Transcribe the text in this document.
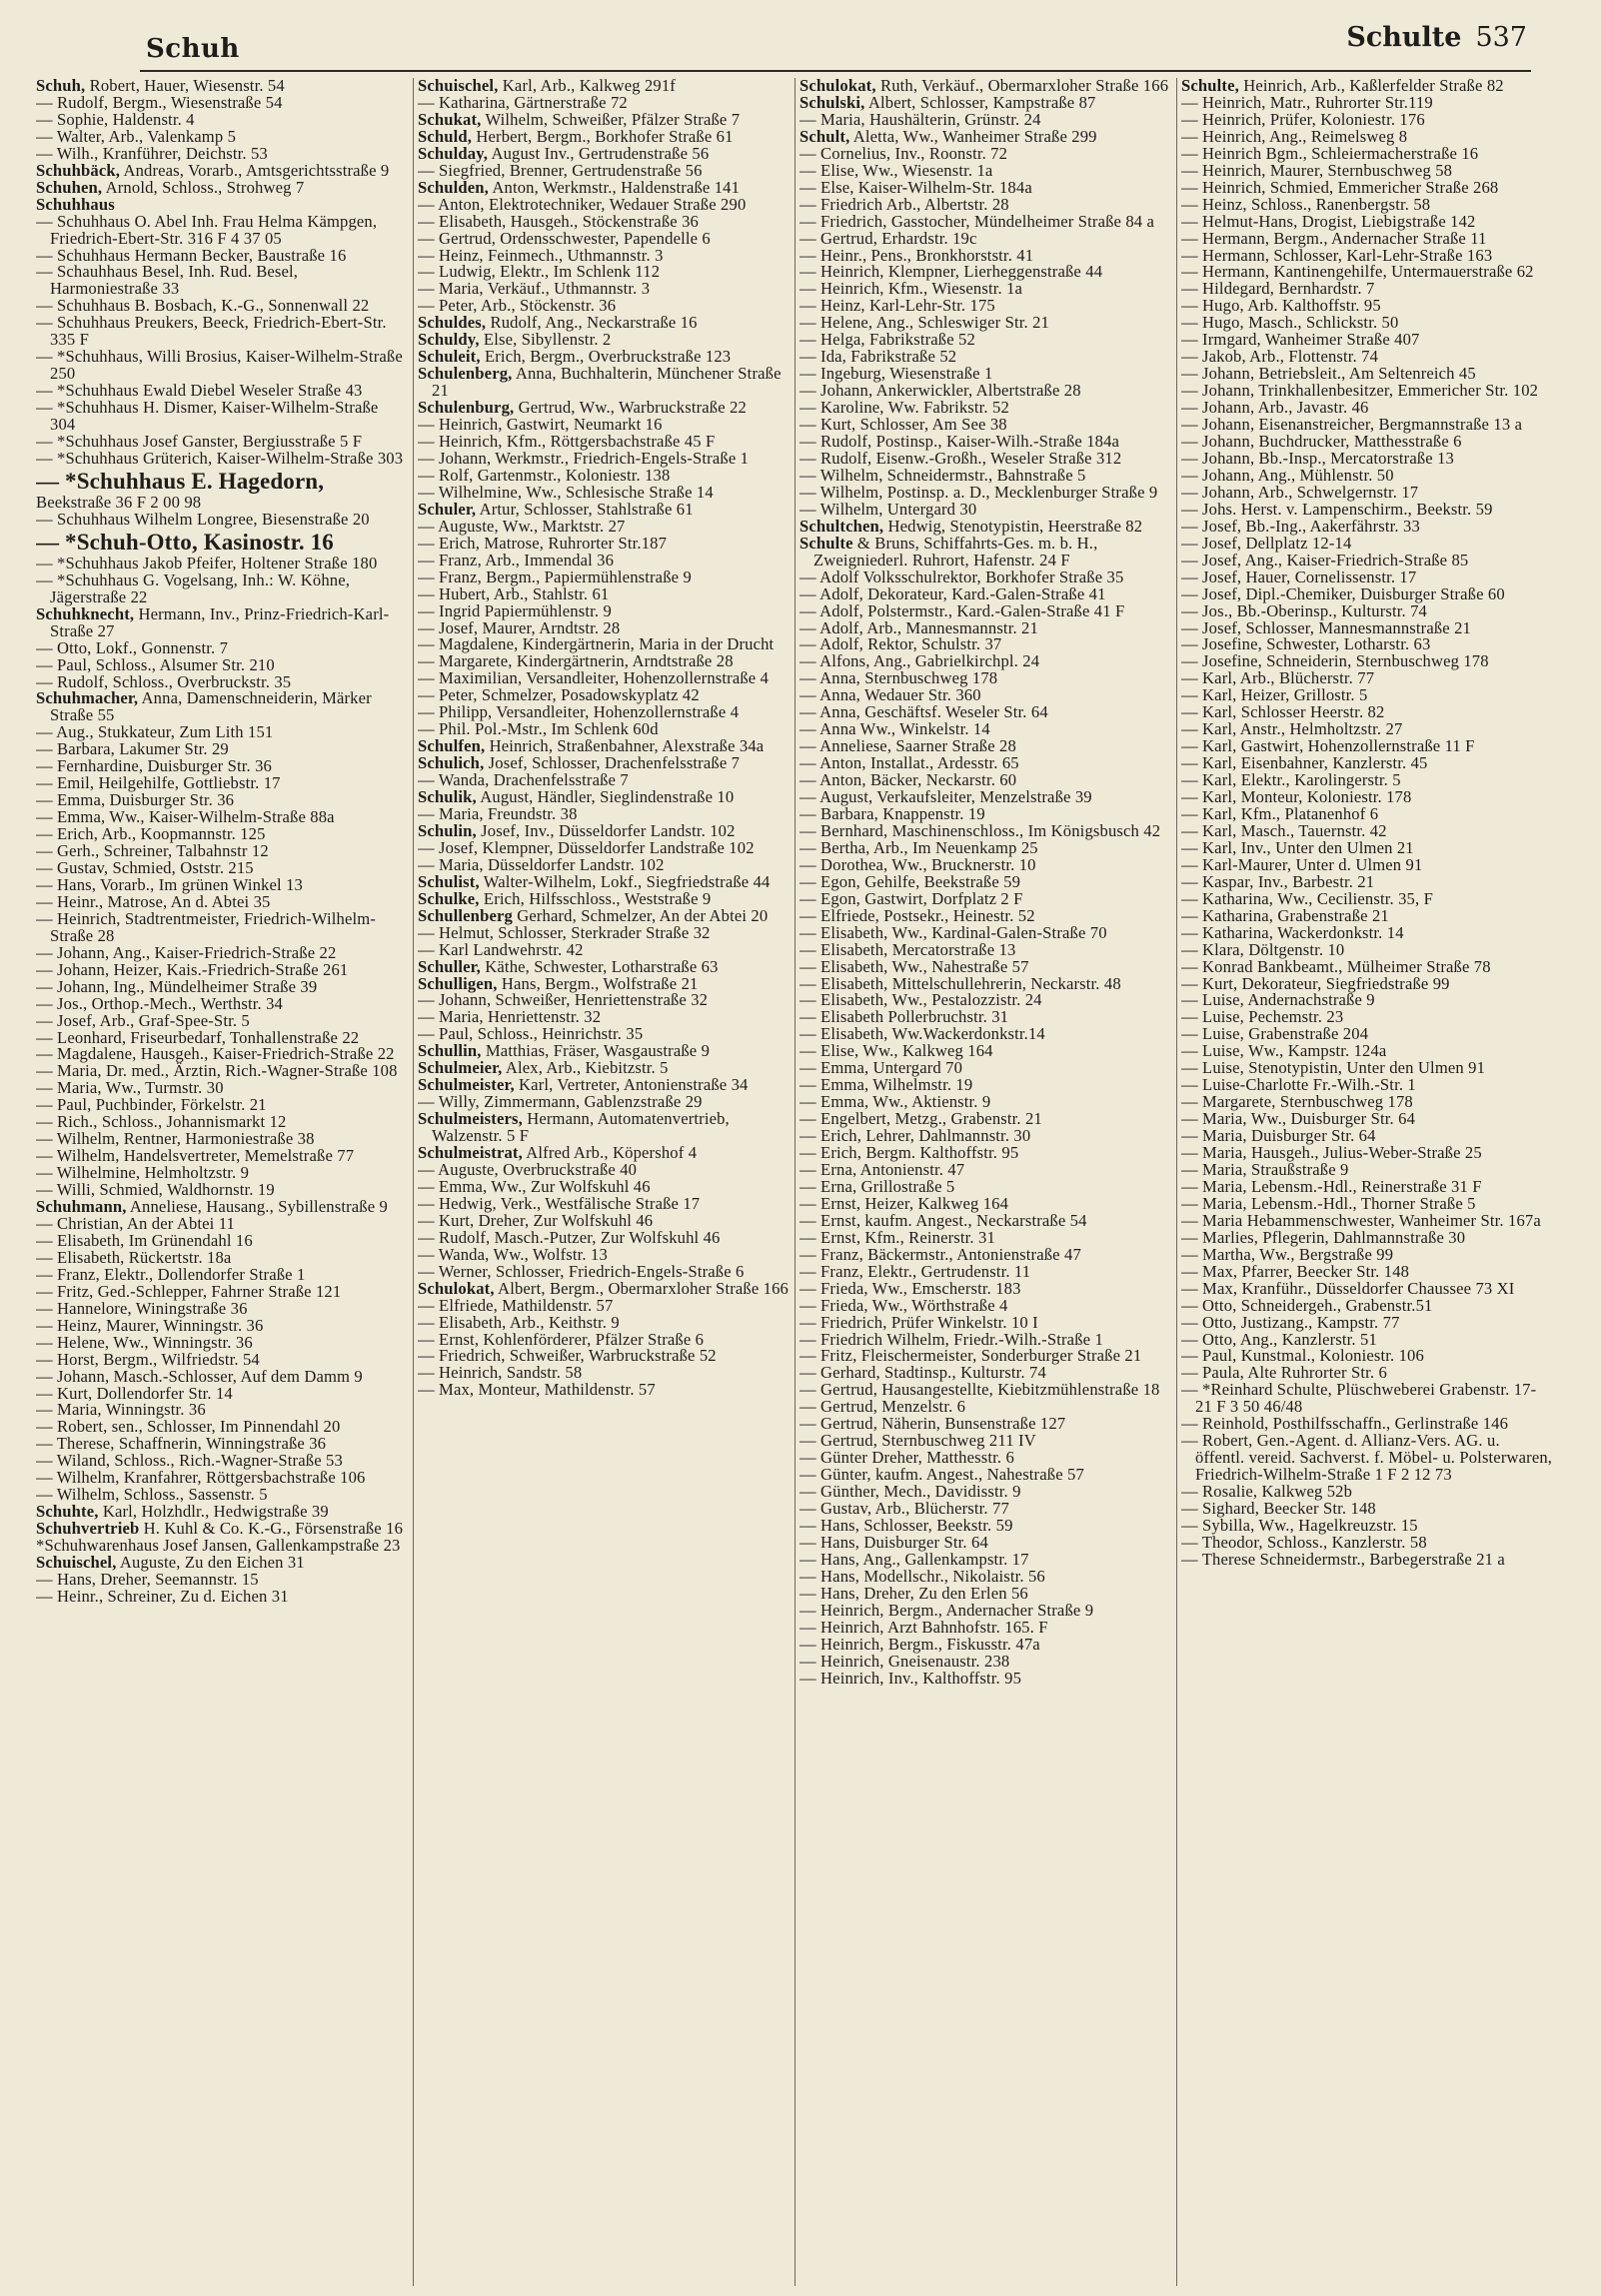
Schuh	Schulte 537

Schuh, Robert, Hauer, Wiesenstr. 54

— Rudolf, Bergm., Wiesenstraße 54

— Sophie, Haldenstr. 4

— Walter, Arb., Valenkamp 5

— Wilh., Kranführer, Deichstr. 53

Schuhbäck, Andreas, Vorarb., Amtsgerichtsstraße 9

Schuhen, Arnold, Schloss., Strohweg 7

Schuhhaus

— Schuhhaus O. Abel Inh. Frau Helma Kämpgen, Friedrich-Ebert-Str. 316 F 4 37 05

— Schuhhaus Hermann Becker, Baustraße 16

— Schauhhaus Besel, Inh. Rud. Besel, Harmoniestraße 33

— Schuhhaus B. Bosbach, K.-G., Sonnenwall 22

— Schuhhaus Preukers, Beeck, Friedrich-Ebert-Str. 335 F

— *Schuhhaus, Willi Brosius, Kaiser-Wilhelm-Straße 250

— *Schuhhaus Ewald Diebel Weseler Straße 43

— *Schuhhaus H. Dismer, Kaiser-Wilhelm-Straße 304

— *Schuhhaus Josef Ganster, Bergiusstraße 5 F

— *Schuhhaus Grüterich, Kaiser-Wilhelm-Straße 303

— *Schuhhaus E. Hagedorn,

Beekstraße 36 F 2 00 98

— Schuhhaus Wilhelm Longree, Biesenstraße 20

— *Schuh-Otto, Kasinostr. 16

— *Schuhhaus Jakob Pfeifer, Holtener Straße 180

— *Schuhhaus G. Vogelsang, Inh.: W. Köhne, Jägerstraße 22

Schuhknecht, Hermann, Inv., Prinz-Friedrich-Karl-Straße 27

— Otto, Lokf., Gonnenstr. 7

— Paul, Schloss., Alsumer Str. 210

— Rudolf, Schloss., Overbruckstr. 35

Schuhmacher, Anna, Damenschneiderin, Märker Straße 55

— Aug., Stukkateur, Zum Lith 151

— Barbara, Lakumer Str. 29

— Fernhardine, Duisburger Str. 36

— Emil, Heilgehilfe, Gottliebstr. 17

— Emma, Duisburger Str. 36

— Emma, Ww., Kaiser-Wilhelm-Straße 88a

— Erich, Arb., Koopmannstr. 125

— Gerh., Schreiner, Talbahnstr 12

— Gustav, Schmied, Oststr. 215

— Hans, Vorarb., Im grünen Winkel 13

— Heinr., Matrose, An d. Abtei 35

— Heinrich, Stadtrentmeister, Friedrich-Wilhelm-Straße 28

— Johann, Ang., Kaiser-Friedrich-Straße 22

— Johann, Heizer, Kais.-Friedrich-Straße 261

— Johann, Ing., Mündelheimer Straße 39

— Jos., Orthop.-Mech., Werthstr. 34

— Josef, Arb., Graf-Spee-Str. 5

— Leonhard, Friseurbedarf, Tonhallenstraße 22

— Magdalene, Hausgeh., Kaiser-Friedrich-Straße 22

— Maria, Dr. med., Ärztin, Rich.-Wagner-Straße 108

— Maria, Ww., Turmstr. 30

— Paul, Puchbinder, Förkelstr. 21

— Rich., Schloss., Johannismarkt 12

— Wilhelm, Rentner, Harmoniestraße 38

— Wilhelm, Handelsvertreter, Memelstraße 77

— Wilhelmine, Helmholtzstr. 9

— Willi, Schmied, Waldhornstr. 19

Schuhmann, Anneliese, Hausang., Sybillenstraße 9

— Christian, An der Abtei 11

— Elisabeth, Im Grünendahl 16

— Elisabeth, Rückertstr. 18a

— Franz, Elektr., Dollendorfer Straße 1

— Fritz, Ged.-Schlepper, Fahrner Straße 121

— Hannelore, Winingstraße 36

— Heinz, Maurer, Winningstr. 36

— Helene, Ww., Winningstr. 36

— Horst, Bergm., Wilfriedstr. 54

— Johann, Masch.-Schlosser, Auf dem Damm 9

— Kurt, Dollendorfer Str. 14

— Maria, Winningstr. 36

— Robert, sen., Schlosser, Im Pinnendahl 20

— Therese, Schaffnerin, Winningstraße 36

— Wiland, Schloss., Rich.-Wagner-Straße 53

— Wilhelm, Kranfahrer, Röttgersbachstraße 106

— Wilhelm, Schloss., Sassenstr. 5

Schuhte, Karl, Holzhdlr., Hedwigstraße 39

Schuhvertrieb H. Kuhl & Co. K.-G., Försenstraße 16

*Schuhwarenhaus Josef Jansen, Gallenkampstraße 23

Schuischel, Auguste, Zu den Eichen 31

— Hans, Dreher, Seemannstr. 15

— Heinr., Schreiner, Zu d. Eichen 31

Schuischel, Karl, Arb., Kalkweg 291f

— Katharina, Gärtnerstraße 72

Schukat, Wilhelm, Schweißer, Pfälzer Straße 7

Schuld, Herbert, Bergm., Borkhofer Straße 61

Schulday, August Inv., Gertrudenstraße 56

— Siegfried, Brenner, Gertrudenstraße 56

Schulden, Anton, Werkmstr., Haldenstraße 141

— Anton, Elektrotechniker, Wedauer Straße 290

— Elisabeth, Hausgeh., Stöckenstraße 36

— Gertrud, Ordensschwester, Papendelle 6

— Heinz, Feinmech., Uthmannstr. 3

— Ludwig, Elektr., Im Schlenk 112

— Maria, Verkäuf., Uthmannstr. 3

— Peter, Arb., Stöckenstr. 36

Schuldes, Rudolf, Ang., Neckarstraße 16

Schuldy, Else, Sibyllenstr. 2

Schuleit, Erich, Bergm., Overbruckstraße 123

Schulenberg, Anna, Buchhalterin, Münchener Straße 21

Schulenburg, Gertrud, Ww., Warbruckstraße 22

— Heinrich, Gastwirt, Neumarkt 16

— Heinrich, Kfm., Röttgersbachstraße 45 F

— Johann, Werkmstr., Friedrich-Engels-Straße 1

— Rolf, Gartenmstr., Koloniestr. 138

— Wilhelmine, Ww., Schlesische Straße 14

Schuler, Artur, Schlosser, Stahlstraße 61

— Auguste, Ww., Marktstr. 27

— Erich, Matrose, Ruhrorter Str.187

— Franz, Arb., Immendal 36

— Franz, Bergm., Papiermühlenstraße 9

— Hubert, Arb., Stahlstr. 61

— Ingrid Papiermühlenstr. 9

— Josef, Maurer, Arndtstr. 28

— Magdalene, Kindergärtnerin, Maria in der Drucht

— Margarete, Kindergärtnerin, Arndtstraße 28

— Maximilian, Versandleiter, Hohenzollernstraße 4

— Peter, Schmelzer, Posadowskyplatz 42

— Philipp, Versandleiter, Hohenzollernstraße 4

— Phil. Pol.-Mstr., Im Schlenk 60d

Schulfen, Heinrich, Straßenbahner, Alexstraße 34a

Schulich, Josef, Schlosser, Drachenfelsstraße 7

— Wanda, Drachenfelsstraße 7

Schulik, August, Händler, Sieglindenstraße 10

— Maria, Freundstr. 38

Schulin, Josef, Inv., Düsseldorfer Landstr. 102

— Josef, Klempner, Düsseldorfer Landstraße 102

— Maria, Düsseldorfer Landstr. 102

Schulist, Walter-Wilhelm, Lokf., Siegfriedstraße 44

Schulke, Erich, Hilfsschloss., Weststraße 9

Schullenberg Gerhard, Schmelzer, An der Abtei 20

— Helmut, Schlosser, Sterkrader Straße 32

— Karl Landwehrstr. 42

Schuller, Käthe, Schwester, Lotharstraße 63

Schulligen, Hans, Bergm., Wolfstraße 21

— Johann, Schweißer, Henriettenstraße 32

— Maria, Henriettenstr. 32

— Paul, Schloss., Heinrichstr. 35

Schullin, Matthias, Fräser, Wasgaustraße 9

Schulmeier, Alex, Arb., Kiebitzstr. 5

Schulmeister, Karl, Vertreter, Antonienstraße 34

— Willy, Zimmermann, Gablenzstraße 29

Schulmeisters, Hermann, Automatenvertrieb, Walzenstr. 5 F

Schulmeistrat, Alfred Arb., Köpershof 4

— Auguste, Overbruckstraße 40

— Emma, Ww., Zur Wolfskuhl 46

— Hedwig, Verk., Westfälische Straße 17

— Kurt, Dreher, Zur Wolfskuhl 46

— Rudolf, Masch.-Putzer, Zur Wolfskuhl 46

— Wanda, Ww., Wolfstr. 13

— Werner, Schlosser, Friedrich-Engels-Straße 6

Schulokat, Albert, Bergm., Obermarxloher Straße 166

— Elfriede, Mathildenstr. 57

— Elisabeth, Arb., Keithstr. 9

— Ernst, Kohlenförderer, Pfälzer Straße 6

— Friedrich, Schweißer, Warbruckstraße 52

— Heinrich, Sandstr. 58

— Max, Monteur, Mathildenstr. 57

Schulokat, Ruth, Verkäuf., Obermarxloher Straße 166

Schulski, Albert, Schlosser, Kampstraße 87

— Maria, Haushälterin, Grünstr. 24

Schult, Aletta, Ww., Wanheimer Straße 299

— Cornelius, Inv., Roonstr. 72

— Elise, Ww., Wiesenstr. 1a

— Else, Kaiser-Wilhelm-Str. 184a

— Friedrich Arb., Albertstr. 28

— Friedrich, Gasstocher, Mündelheimer Straße 84 a

— Gertrud, Erhardstr. 19c

— Heinr., Pens., Bronkhorststr. 41

— Heinrich, Klempner, Lierheggenstraße 44

— Heinrich, Kfm., Wiesenstr. 1a

— Heinz, Karl-Lehr-Str. 175

— Helene, Ang., Schleswiger Str. 21

— Helga, Fabrikstraße 52

— Ida, Fabrikstraße 52

— Ingeburg, Wiesenstraße 1

— Johann, Ankerwickler, Albertstraße 28

— Karoline, Ww. Fabrikstr. 52

— Kurt, Schlosser, Am See 38

— Rudolf, Postinsp., Kaiser-Wilh.-Straße 184a

— Rudolf, Eisenw.-Großh., Weseler Straße 312

— Wilhelm, Schneidermstr., Bahnstraße 5

— Wilhelm, Postinsp. a. D., Mecklenburger Straße 9

— Wilhelm, Untergard 30

Schultchen, Hedwig, Stenotypistin, Heerstraße 82

Schulte & Bruns, Schiffahrts-Ges. m. b. H., Zweigniederl. Ruhrort, Hafenstr. 24 F

— Adolf Volksschulrektor, Borkhofer Straße 35

— Adolf, Dekorateur, Kard.-Galen-Straße 41

— Adolf, Polstermstr., Kard.-Galen-Straße 41 F

— Adolf, Arb., Mannesmannstr. 21

— Adolf, Rektor, Schulstr. 37

— Alfons, Ang., Gabrielkirchpl. 24

— Anna, Sternbuschweg 178

— Anna, Wedauer Str. 360

— Anna, Geschäftsf. Weseler Str. 64

— Anna Ww., Winkelstr. 14

— Anneliese, Saarner Straße 28

— Anton, Installat., Ardesstr. 65

— Anton, Bäcker, Neckarstr. 60

— August, Verkaufsleiter, Menzelstraße 39

— Barbara, Knappenstr. 19

— Bernhard, Maschinenschloss., Im Königsbusch 42

— Bertha, Arb., Im Neuenkamp 25

— Dorothea, Ww., Brucknerstr. 10

— Egon, Gehilfe, Beekstraße 59

— Egon, Gastwirt, Dorfplatz 2 F

— Elfriede, Postsekr., Heinestr. 52

— Elisabeth, Ww., Kardinal-Galen-Straße 70

— Elisabeth, Mercatorstraße 13

— Elisabeth, Ww., Nahestraße 57

— Elisabeth, Mittelschullehrerin, Neckarstr. 48

— Elisabeth, Ww., Pestalozzistr. 24

— Elisabeth Pollerbruchstr. 31

— Elisabeth, Ww.Wackerdonkstr.14

— Elise, Ww., Kalkweg 164

— Emma, Untergard 70

— Emma, Wilhelmstr. 19

— Emma, Ww., Aktienstr. 9

— Engelbert, Metzg., Grabenstr. 21

— Erich, Lehrer, Dahlmannstr. 30

— Erich, Bergm. Kalthoffstr. 95

— Erna, Antonienstr. 47

— Erna, Grillostraße 5

— Ernst, Heizer, Kalkweg 164

— Ernst, kaufm. Angest., Neckarstraße 54

— Ernst, Kfm., Reinerstr. 31

— Franz, Bäckermstr., Antonienstraße 47

— Franz, Elektr., Gertrudenstr. 11

— Frieda, Ww., Emscherstr. 183

— Frieda, Ww., Wörthstraße 4

— Friedrich, Prüfer Winkelstr. 10 I

— Friedrich Wilhelm, Friedr.-Wilh.-Straße 1

— Fritz, Fleischermeister, Sonderburger Straße 21

— Gerhard, Stadtinsp., Kulturstr. 74

— Gertrud, Hausangestellte, Kiebitzmühlenstraße 18

— Gertrud, Menzelstr. 6

— Gertrud, Näherin, Bunsenstraße 127

— Gertrud, Sternbuschweg 211 IV

— Günter Dreher, Matthesstr. 6

— Günter, kaufm. Angest., Nahestraße 57

— Günther, Mech., Davidisstr. 9

— Gustav, Arb., Blücherstr. 77

— Hans, Schlosser, Beekstr. 59

— Hans, Duisburger Str. 64

— Hans, Ang., Gallenkampstr. 17

— Hans, Modellschr., Nikolaistr. 56

— Hans, Dreher, Zu den Erlen 56

— Heinrich, Bergm., Andernacher Straße 9

— Heinrich, Arzt Bahnhofstr. 165. F

— Heinrich, Bergm., Fiskusstr. 47a

— Heinrich, Gneisenaustr. 238

— Heinrich, Inv., Kalthoffstr. 95

Schulte, Heinrich, Arb., Kaßlerfelder Straße 82

— Heinrich, Matr., Ruhrorter Str.119

— Heinrich, Prüfer, Koloniestr. 176

— Heinrich, Ang., Reimelsweg 8

— Heinrich Bgm., Schleiermacherstraße 16

— Heinrich, Maurer, Sternbuschweg 58

— Heinrich, Schmied, Emmericher Straße 268

— Heinz, Schloss., Ranenbergstr. 58

— Helmut-Hans, Drogist, Liebigstraße 142

— Hermann, Bergm., Andernacher Straße 11

— Hermann, Schlosser, Karl-Lehr-Straße 163

— Hermann, Kantinengehilfe, Untermauerstraße 62

— Hildegard, Bernhardstr. 7

— Hugo, Arb. Kalthoffstr. 95

— Hugo, Masch., Schlickstr. 50

— Irmgard, Wanheimer Straße 407

— Jakob, Arb., Flottenstr. 74

— Johann, Betriebsleit., Am Seltenreich 45

— Johann, Trinkhallenbesitzer, Emmericher Str. 102

— Johann, Arb., Javastr. 46

— Johann, Eisenanstreicher, Bergmannstraße 13 a

— Johann, Buchdrucker, Matthesstraße 6

— Johann, Bb.-Insp., Mercatorstraße 13

— Johann, Ang., Mühlenstr. 50

— Johann, Arb., Schwelgernstr. 17

— Johs. Herst. v. Lampenschirm., Beekstr. 59

— Josef, Bb.-Ing., Aakerfährstr. 33

— Josef, Dellplatz 12-14

— Josef, Ang., Kaiser-Friedrich-Straße 85

— Josef, Hauer, Cornelissenstr. 17

— Josef, Dipl.-Chemiker, Duisburger Straße 60

— Jos., Bb.-Oberinsp., Kulturstr. 74

— Josef, Schlosser, Mannesmannstraße 21

— Josefine, Schwester, Lotharstr. 63

— Josefine, Schneiderin, Sternbuschweg 178

— Karl, Arb., Blücherstr. 77

— Karl, Heizer, Grillostr. 5

— Karl, Schlosser Heerstr. 82

— Karl, Anstr., Helmholtzstr. 27

— Karl, Gastwirt, Hohenzollernstraße 11 F

— Karl, Eisenbahner, Kanzlerstr. 45

— Karl, Elektr., Karolingerstr. 5

— Karl, Monteur, Koloniestr. 178

— Karl, Kfm., Platanenhof 6

— Karl, Masch., Tauernstr. 42

— Karl, Inv., Unter den Ulmen 21

— Karl-Maurer, Unter d. Ulmen 91

— Kaspar, Inv., Barbestr. 21

— Katharina, Ww., Cecilienstr. 35, F

— Katharina, Grabenstraße 21

— Katharina, Wackerdonkstr. 14

— Klara, Döltgenstr. 10

— Konrad Bankbeamt., Mülheimer Straße 78

— Kurt, Dekorateur, Siegfriedstraße 99

— Luise, Andernachstraße 9

— Luise, Pechemstr. 23

— Luise, Grabenstraße 204

— Luise, Ww., Kampstr. 124a

— Luise, Stenotypistin, Unter den Ulmen 91

— Luise-Charlotte Fr.-Wilh.-Str. 1

— Margarete, Sternbuschweg 178

— Maria, Ww., Duisburger Str. 64

— Maria, Duisburger Str. 64

— Maria, Hausgeh., Julius-Weber-Straße 25

— Maria, Straußstraße 9

— Maria, Lebensm.-Hdl., Reinerstraße 31 F

— Maria, Lebensm.-Hdl., Thorner Straße 5

— Maria Hebammenschwester, Wanheimer Str. 167a

— Marlies, Pflegerin, Dahlmannstraße 30

— Martha, Ww., Bergstraße 99

— Max, Pfarrer, Beecker Str. 148

— Max, Kranführ., Düsseldorfer Chaussee 73 XI

— Otto, Schneidergeh., Grabenstr.51

— Otto, Justizang., Kampstr. 77

— Otto, Ang., Kanzlerstr. 51

— Paul, Kunstmal., Koloniestr. 106

— Paula, Alte Ruhrorter Str. 6

— *Reinhard Schulte, Plüschweberei Grabenstr. 17-21 F 3 50 46/48

— Reinhold, Posthilfsschaffn., Gerlinstraße 146

— Robert, Gen.-Agent. d. Allianz-Vers. AG. u. öffentl. vereid. Sachverst. f. Möbel- u. Polsterwaren, Friedrich-Wilhelm-Straße 1 F 2 12 73

— Rosalie, Kalkweg 52b

— Sighard, Beecker Str. 148

— Sybilla, Ww., Hagelkreuzstr. 15

— Theodor, Schloss., Kanzlerstr. 58

— Therese Schneidermstr., Barbegerstraße 21 a
